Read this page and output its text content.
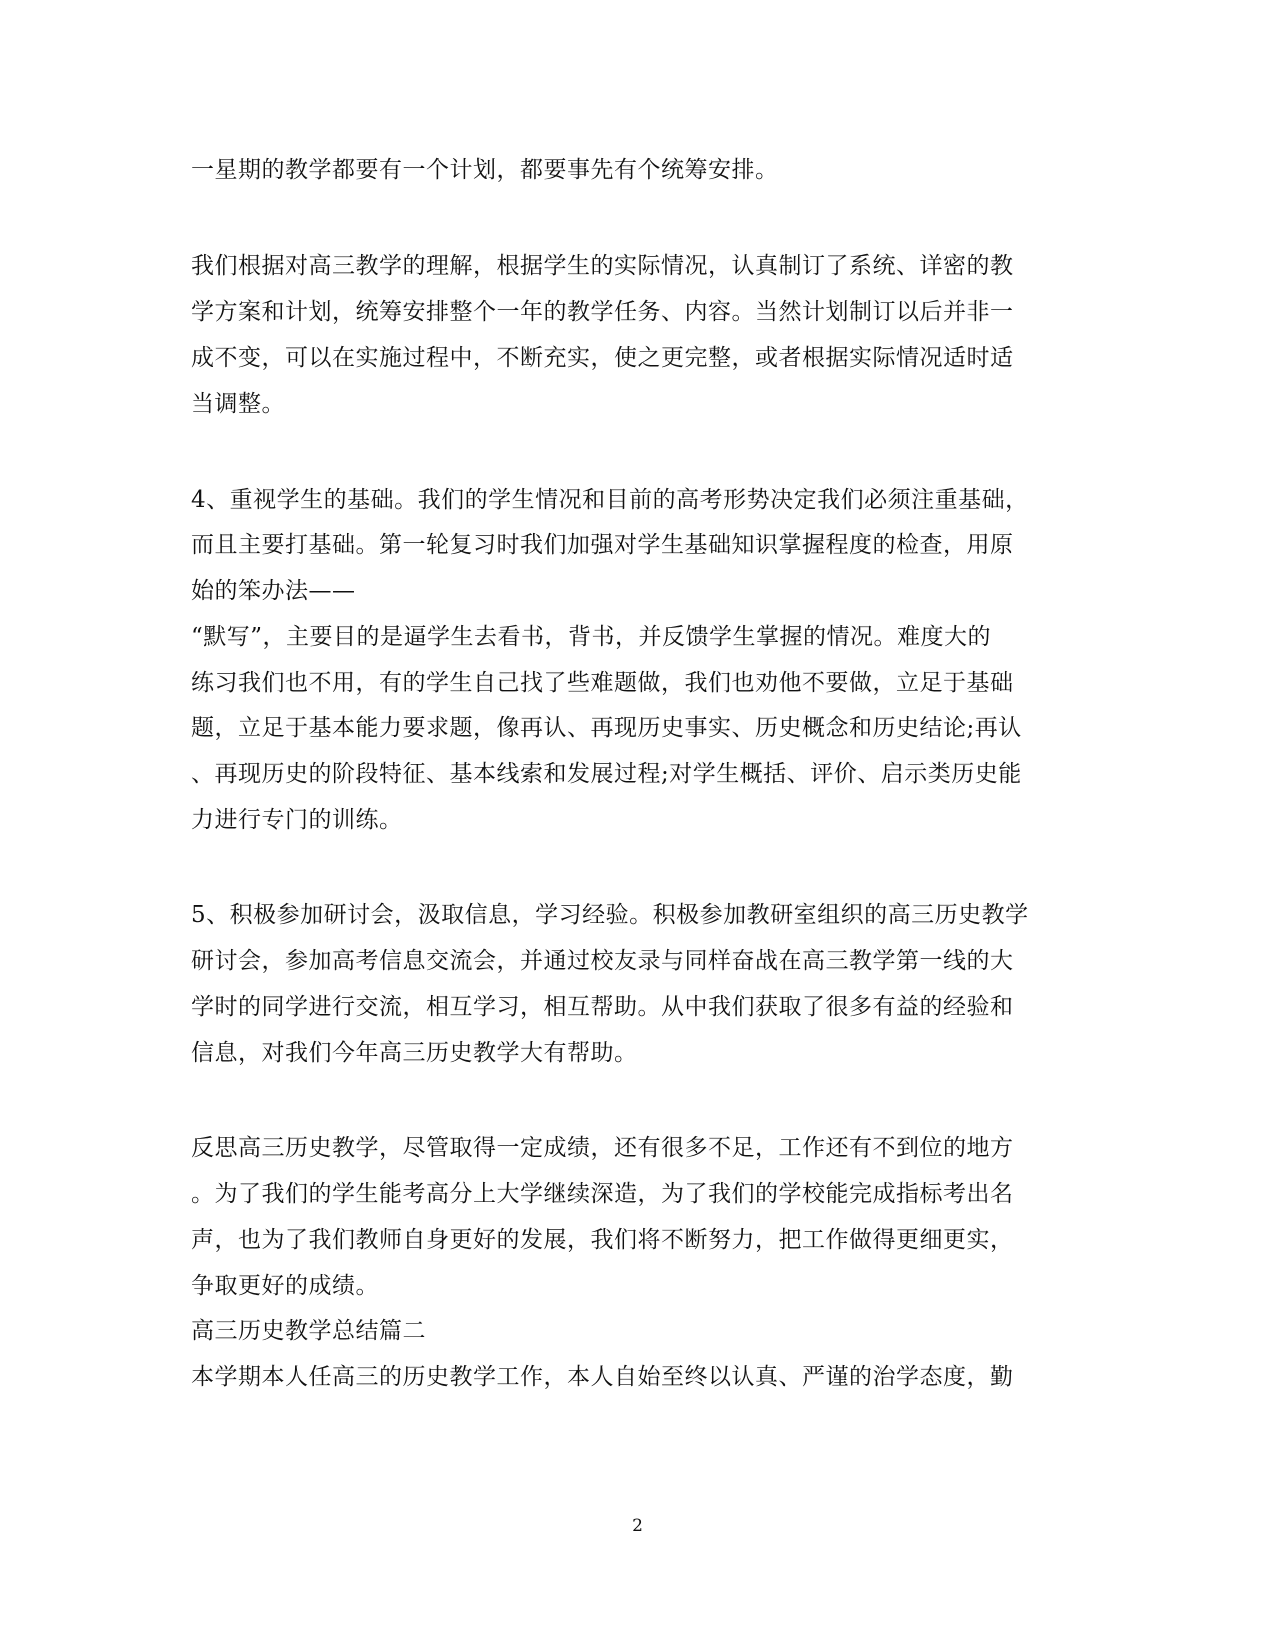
一星期的教学都要有一个计划，都要事先有个统筹安排。
我们根据对高三教学的理解，根据学生的实际情况，认真制订了系统、详密的教
学方案和计划，统筹安排整个一年的教学任务、内容。当然计划制订以后并非一
成不变，可以在实施过程中，不断充实，使之更完整，或者根据实际情况适时适
当调整。
4、重视学生的基础。我们的学生情况和目前的高考形势决定我们必须注重基础，
而且主要打基础。第一轮复习时我们加强对学生基础知识掌握程度的检查，用原
始的笨办法——
“默写”，主要目的是逼学生去看书，背书，并反馈学生掌握的情况。难度大的
练习我们也不用，有的学生自己找了些难题做，我们也劝他不要做，立足于基础
题，立足于基本能力要求题，像再认、再现历史事实、历史概念和历史结论;再认
、再现历史的阶段特征、基本线索和发展过程;对学生概括、评价、启示类历史能
力进行专门的训练。
5、积极参加研讨会，汲取信息，学习经验。积极参加教研室组织的高三历史教学
研讨会，参加高考信息交流会，并通过校友录与同样奋战在高三教学第一线的大
学时的同学进行交流，相互学习，相互帮助。从中我们获取了很多有益的经验和
信息，对我们今年高三历史教学大有帮助。
反思高三历史教学，尽管取得一定成绩，还有很多不足，工作还有不到位的地方
。为了我们的学生能考高分上大学继续深造，为了我们的学校能完成指标考出名
声，也为了我们教师自身更好的发展，我们将不断努力，把工作做得更细更实，
争取更好的成绩。
高三历史教学总结篇二
本学期本人任高三的历史教学工作，本人自始至终以认真、严谨的治学态度，勤
2
